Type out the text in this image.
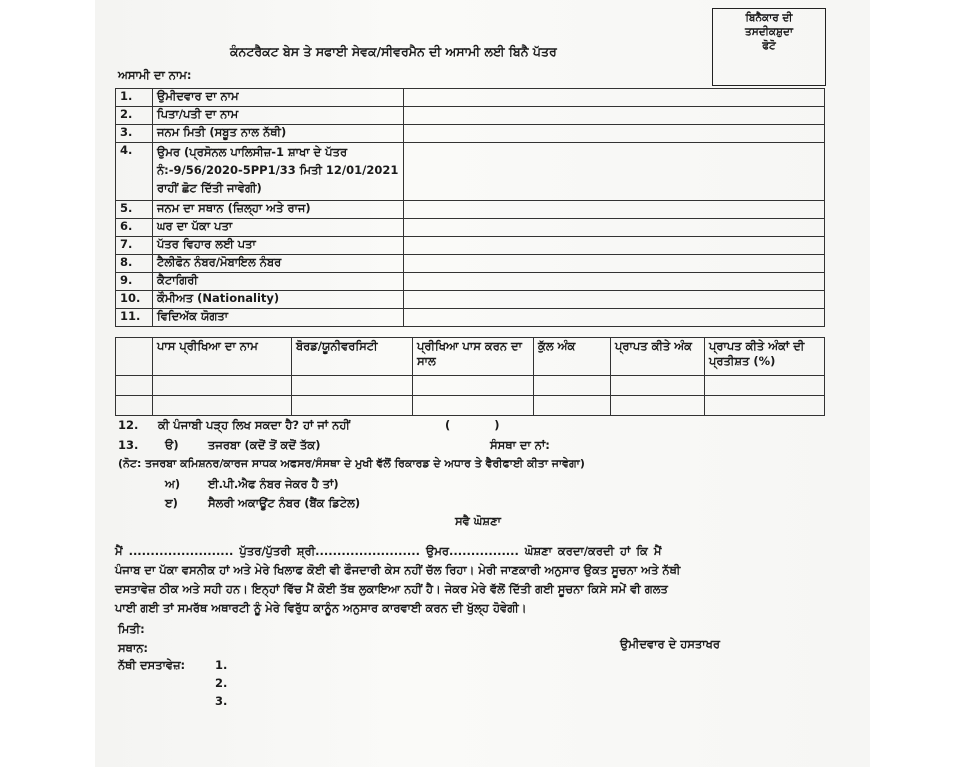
ਬਿਨੈਕਾਰ ਦੀ
ਤਸਦੀਕਸ਼ੁਦਾ
ਫੋਟੋ
ਕੰਨਟਰੈਕਟ ਬੇਸ ਤੇ ਸਫਾਈ ਸੇਵਕ/ਸੀਵਰਮੈਨ ਦੀ ਅਸਾਮੀ ਲਈ ਬਿਨੈ ਪੱਤਰ
ਅਸਾਮੀ ਦਾ ਨਾਮ:
1.	ਉਮੀਦਵਾਰ ਦਾ ਨਾਮ	
2.	ਪਿਤਾ/ਪਤੀ ਦਾ ਨਾਮ	
3.	ਜਨਮ ਮਿਤੀ (ਸਬੂਤ ਨਾਲ ਨੱਥੀ)	
4.	ਉਮਰ (ਪ੍ਰਸੋਨਲ ਪਾਲਿਸੀਜ਼-1 ਸ਼ਾਖਾ ਦੇ ਪੱਤਰ ਨੰ:-9/56/2020-5PP1/33 ਮਿਤੀ 12/01/2021 ਰਾਹੀਂ ਛੋਟ ਦਿੱਤੀ ਜਾਵੇਗੀ)	
5.	ਜਨਮ ਦਾ ਸਥਾਨ (ਜ਼ਿਲ੍ਹਾ ਅਤੇ ਰਾਜ)	
6.	ਘਰ ਦਾ ਪੱਕਾ ਪਤਾ	
7.	ਪੱਤਰ ਵਿਹਾਰ ਲਈ ਪਤਾ	
8.	ਟੈਲੀਫੋਨ ਨੰਬਰ/ਮੋਬਾਇਲ ਨੰਬਰ	
9.	ਕੈਟਾਗਿਰੀ	
10.	ਕੌਮੀਅਤ (Nationality)	
11.	ਵਿਦਿਅੱਕ ਯੋਗਤਾ	
	ਪਾਸ ਪ੍ਰੀਖਿਆ ਦਾ ਨਾਮ	ਬੋਰਡ/ਯੂਨੀਵਰਸਿਟੀ	ਪ੍ਰੀਖਿਆ ਪਾਸ ਕਰਨ ਦਾ ਸਾਲ	ਕੁੱਲ ਅੰਕ	ਪ੍ਰਾਪਤ ਕੀਤੇ ਅੰਕ	ਪ੍ਰਾਪਤ ਕੀਤੇ ਅੰਕਾਂ ਦੀ ਪ੍ਰਤੀਸ਼ਤ (%)

12. ਕੀ ਪੰਜਾਬੀ ਪੜ੍ਹ ਲਿਖ ਸਕਦਾ ਹੈ? ਹਾਂ ਜਾਂ ਨਹੀਂ	(           )
13. ੳ)	ਤਜਰਬਾ (ਕਦੋਂ ਤੋਂ ਕਦੋਂ ਤੱਕ)	ਸੰਸਥਾ ਦਾ ਨਾਂ:
(ਨੋਟ: ਤਜਰਬਾ ਕਮਿਸ਼ਨਰ/ਕਾਰਜ ਸਾਧਕ ਅਫਸਰ/ਸੰਸਥਾ ਦੇ ਮੁਖੀ ਵੱਲੋਂ ਰਿਕਾਰਡ ਦੇ ਅਧਾਰ ਤੇ ਵੈਰੀਫਾਈ ਕੀਤਾ ਜਾਵੇਗਾ)
ਅ) ਈ.ਪੀ.ਐਫ ਨੰਬਰ ਜੇਕਰ ਹੈ ਤਾਂ)
ੲ)	ਸੈਲਰੀ ਅਕਾਊਂਟ ਨੰਬਰ (ਬੈਂਕ ਡਿਟੇਲ)
ਸਵੈ ਘੋਸ਼ਣਾ
ਮੈਂ ........................ ਪੁੱਤਰ/ਪੁੱਤਰੀ ਸ਼੍ਰੀ........................ ਉਮਰ................ ਘੋਸ਼ਣਾ ਕਰਦਾ/ਕਰਦੀ ਹਾਂ ਕਿ ਮੈਂ
ਪੰਜਾਬ ਦਾ ਪੱਕਾ ਵਸਨੀਕ ਹਾਂ ਅਤੇ ਮੇਰੇ ਖਿਲਾਫ ਕੋਈ ਵੀ ਫੌਜਦਾਰੀ ਕੇਸ ਨਹੀਂ ਚੱਲ ਰਿਹਾ। ਮੇਰੀ ਜਾਣਕਾਰੀ ਅਨੁਸਾਰ ਉਕਤ ਸੂਚਨਾ ਅਤੇ ਨੱਥੀ
ਦਸਤਾਵੇਜ਼ ਠੀਕ ਅਤੇ ਸਹੀ ਹਨ। ਇਨ੍ਹਾਂ ਵਿੱਚ ਮੈਂ ਕੋਈ ਤੱਥ ਲੁਕਾਇਆ ਨਹੀਂ ਹੈ। ਜੇਕਰ ਮੇਰੇ ਵੱਲੋਂ ਦਿੱਤੀ ਗਈ ਸੂਚਨਾ ਕਿਸੇ ਸਮੇਂ ਵੀ ਗਲਤ
ਪਾਈ ਗਈ ਤਾਂ ਸਮਰੱਥ ਅਥਾਰਟੀ ਨੂੰ ਮੇਰੇ ਵਿਰੁੱਧ ਕਾਨੂੰਨ ਅਨੁਸਾਰ ਕਾਰਵਾਈ ਕਰਨ ਦੀ ਖੁੱਲ੍ਹ ਹੋਵੇਗੀ।
ਮਿਤੀ:
ਸਥਾਨ:	ਉਮੀਦਵਾਰ ਦੇ ਹਸਤਾਖਰ
ਨੱਥੀ ਦਸਤਾਵੇਜ਼:	1.
2.
3.
